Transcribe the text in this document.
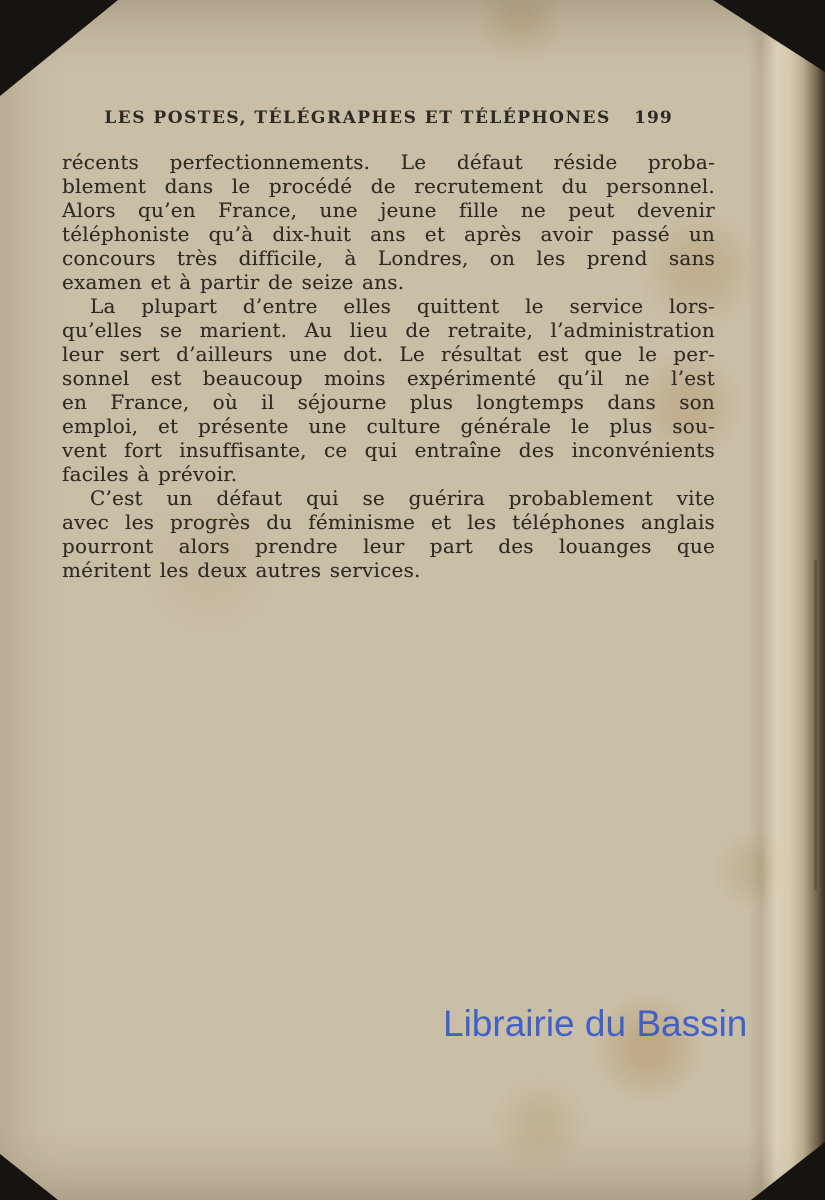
LES POSTES, TÉLÉGRAPHES ET TÉLÉPHONES 199
récents perfectionnements. Le défaut réside proba-
blement dans le procédé de recrutement du personnel.
Alors qu’en France, une jeune fille ne peut devenir
téléphoniste qu’à dix-huit ans et après avoir passé un
concours très difficile, à Londres, on les prend sans
examen et à partir de seize ans.
La plupart d’entre elles quittent le service lors-
qu’elles se marient. Au lieu de retraite, l’administration
leur sert d’ailleurs une dot. Le résultat est que le per-
sonnel est beaucoup moins expérimenté qu’il ne l’est
en France, où il séjourne plus longtemps dans son
emploi, et présente une culture générale le plus sou-
vent fort insuffisante, ce qui entraîne des inconvénients
faciles à prévoir.
C’est un défaut qui se guérira probablement vite
avec les progrès du féminisme et les téléphones anglais
pourront alors prendre leur part des louanges que
méritent les deux autres services.
Librairie du Bassin
